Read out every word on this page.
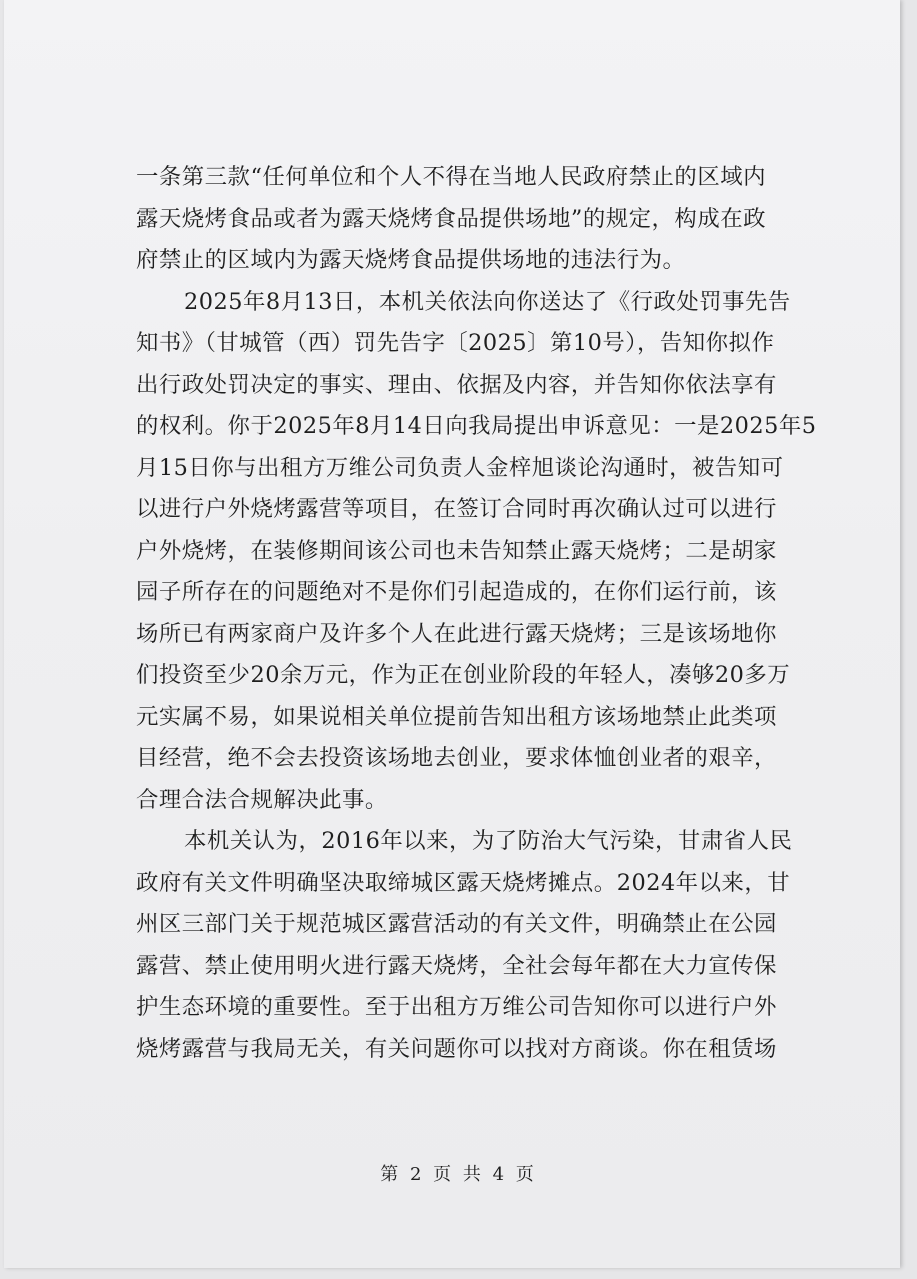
一条第三款“任何单位和个人不得在当地人民政府禁止的区域内
露天烧烤食品或者为露天烧烤食品提供场地”的规定，构成在政
府禁止的区域内为露天烧烤食品提供场地的违法行为。
2025年8月13日，本机关依法向你送达了《行政处罚事先告
知书》（甘城管（西）罚先告字〔2025〕第10号），告知你拟作
出行政处罚决定的事实、理由、依据及内容，并告知你依法享有
的权利。你于2025年8月14日向我局提出申诉意见：一是2025年5
月15日你与出租方万维公司负责人金梓旭谈论沟通时，被告知可
以进行户外烧烤露营等项目，在签订合同时再次确认过可以进行
户外烧烤，在装修期间该公司也未告知禁止露天烧烤；二是胡家
园子所存在的问题绝对不是你们引起造成的，在你们运行前，该
场所已有两家商户及许多个人在此进行露天烧烤；三是该场地你
们投资至少20余万元，作为正在创业阶段的年轻人，凑够20多万
元实属不易，如果说相关单位提前告知出租方该场地禁止此类项
目经营，绝不会去投资该场地去创业，要求体恤创业者的艰辛，
合理合法合规解决此事。
本机关认为，2016年以来，为了防治大气污染，甘肃省人民
政府有关文件明确坚决取缔城区露天烧烤摊点。2024年以来，甘
州区三部门关于规范城区露营活动的有关文件，明确禁止在公园
露营、禁止使用明火进行露天烧烤，全社会每年都在大力宣传保
护生态环境的重要性。至于出租方万维公司告知你可以进行户外
烧烤露营与我局无关，有关问题你可以找对方商谈。你在租赁场
第 2 页 共 4 页
